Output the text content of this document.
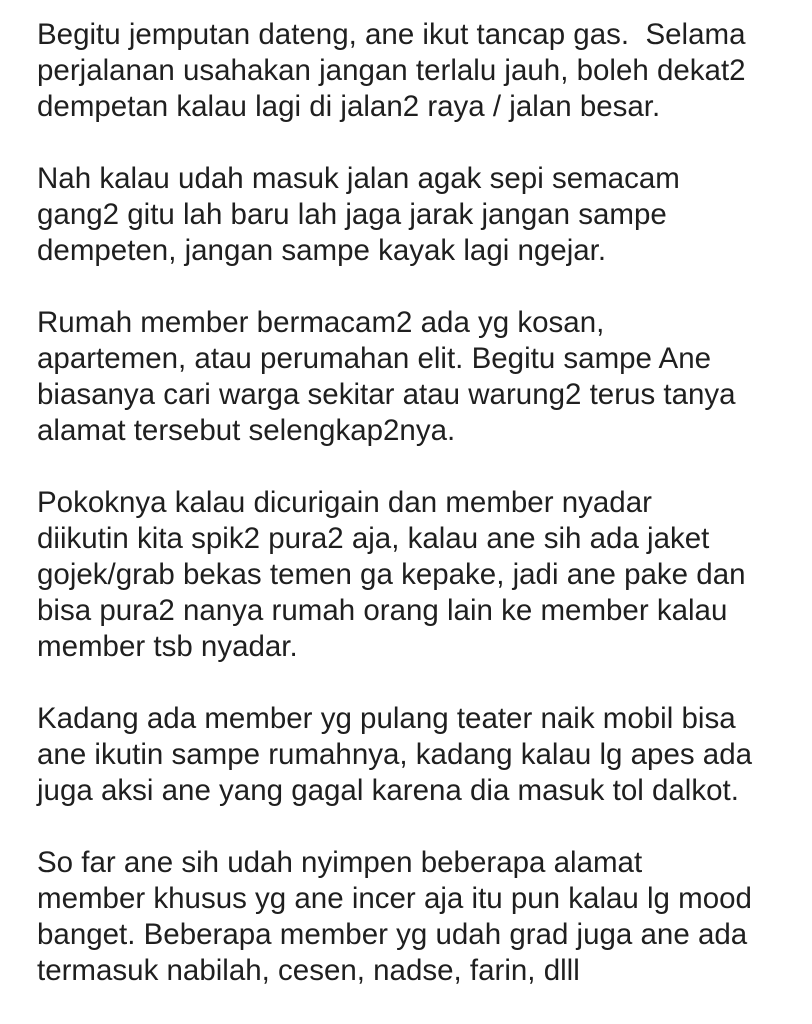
Begitu jemputan dateng, ane ikut tancap gas.  Selama
perjalanan usahakan jangan terlalu jauh, boleh dekat2
dempetan kalau lagi di jalan2 raya / jalan besar.

Nah kalau udah masuk jalan agak sepi semacam
gang2 gitu lah baru lah jaga jarak jangan sampe
dempeten, jangan sampe kayak lagi ngejar.

Rumah member bermacam2 ada yg kosan,
apartemen, atau perumahan elit. Begitu sampe Ane
biasanya cari warga sekitar atau warung2 terus tanya
alamat tersebut selengkap2nya.

Pokoknya kalau dicurigain dan member nyadar
diikutin kita spik2 pura2 aja, kalau ane sih ada jaket
gojek/grab bekas temen ga kepake, jadi ane pake dan
bisa pura2 nanya rumah orang lain ke member kalau
member tsb nyadar.

Kadang ada member yg pulang teater naik mobil bisa
ane ikutin sampe rumahnya, kadang kalau lg apes ada
juga aksi ane yang gagal karena dia masuk tol dalkot.

So far ane sih udah nyimpen beberapa alamat
member khusus yg ane incer aja itu pun kalau lg mood
banget. Beberapa member yg udah grad juga ane ada
termasuk nabilah, cesen, nadse, farin, dlll
